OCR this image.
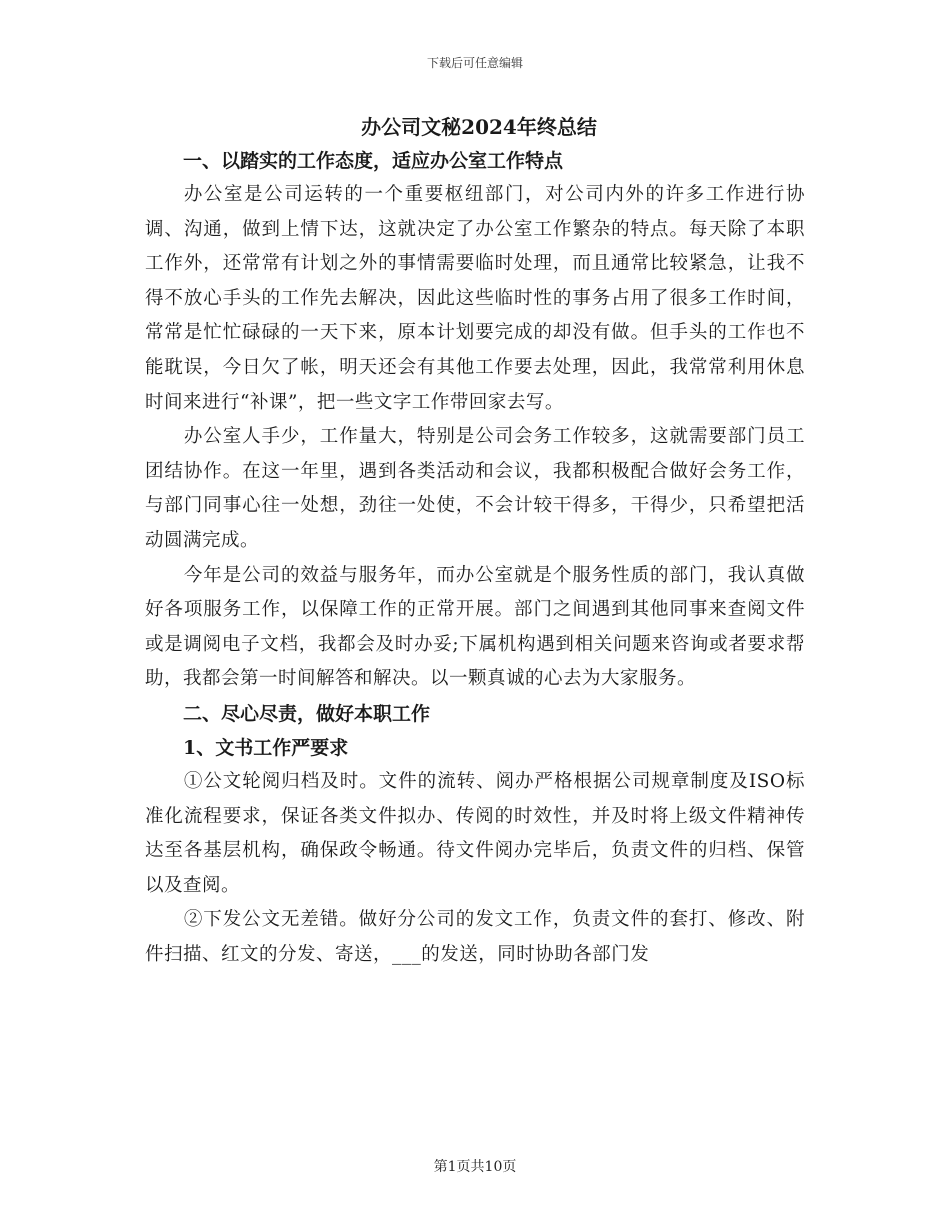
下载后可任意编辑

办公司文秘2024年终总结

一、以踏实的工作态度，适应办公室工作特点

办公室是公司运转的一个重要枢纽部门，对公司内外的许多工作进行协调、沟通，做到上情下达，这就决定了办公室工作繁杂的特点。每天除了本职工作外，还常常有计划之外的事情需要临时处理，而且通常比较紧急，让我不得不放心手头的工作先去解决，因此这些临时性的事务占用了很多工作时间，常常是忙忙碌碌的一天下来，原本计划要完成的却没有做。但手头的工作也不能耽误，今日欠了帐，明天还会有其他工作要去处理，因此，我常常利用休息时间来进行“补课”，把一些文字工作带回家去写。

办公室人手少，工作量大，特别是公司会务工作较多，这就需要部门员工团结协作。在这一年里，遇到各类活动和会议，我都积极配合做好会务工作，与部门同事心往一处想，劲往一处使，不会计较干得多，干得少，只希望把活动圆满完成。

今年是公司的效益与服务年，而办公室就是个服务性质的部门，我认真做好各项服务工作，以保障工作的正常开展。部门之间遇到其他同事来查阅文件或是调阅电子文档，我都会及时办妥;下属机构遇到相关问题来咨询或者要求帮助，我都会第一时间解答和解决。以一颗真诚的心去为大家服务。

二、尽心尽责，做好本职工作

1、文书工作严要求

①公文轮阅归档及时。文件的流转、阅办严格根据公司规章制度及ISO标准化流程要求，保证各类文件拟办、传阅的时效性，并及时将上级文件精神传达至各基层机构，确保政令畅通。待文件阅办完毕后，负责文件的归档、保管以及查阅。

②下发公文无差错。做好分公司的发文工作，负责文件的套打、修改、附件扫描、红文的分发、寄送，___的发送，同时协助各部门发

第1页共10页
